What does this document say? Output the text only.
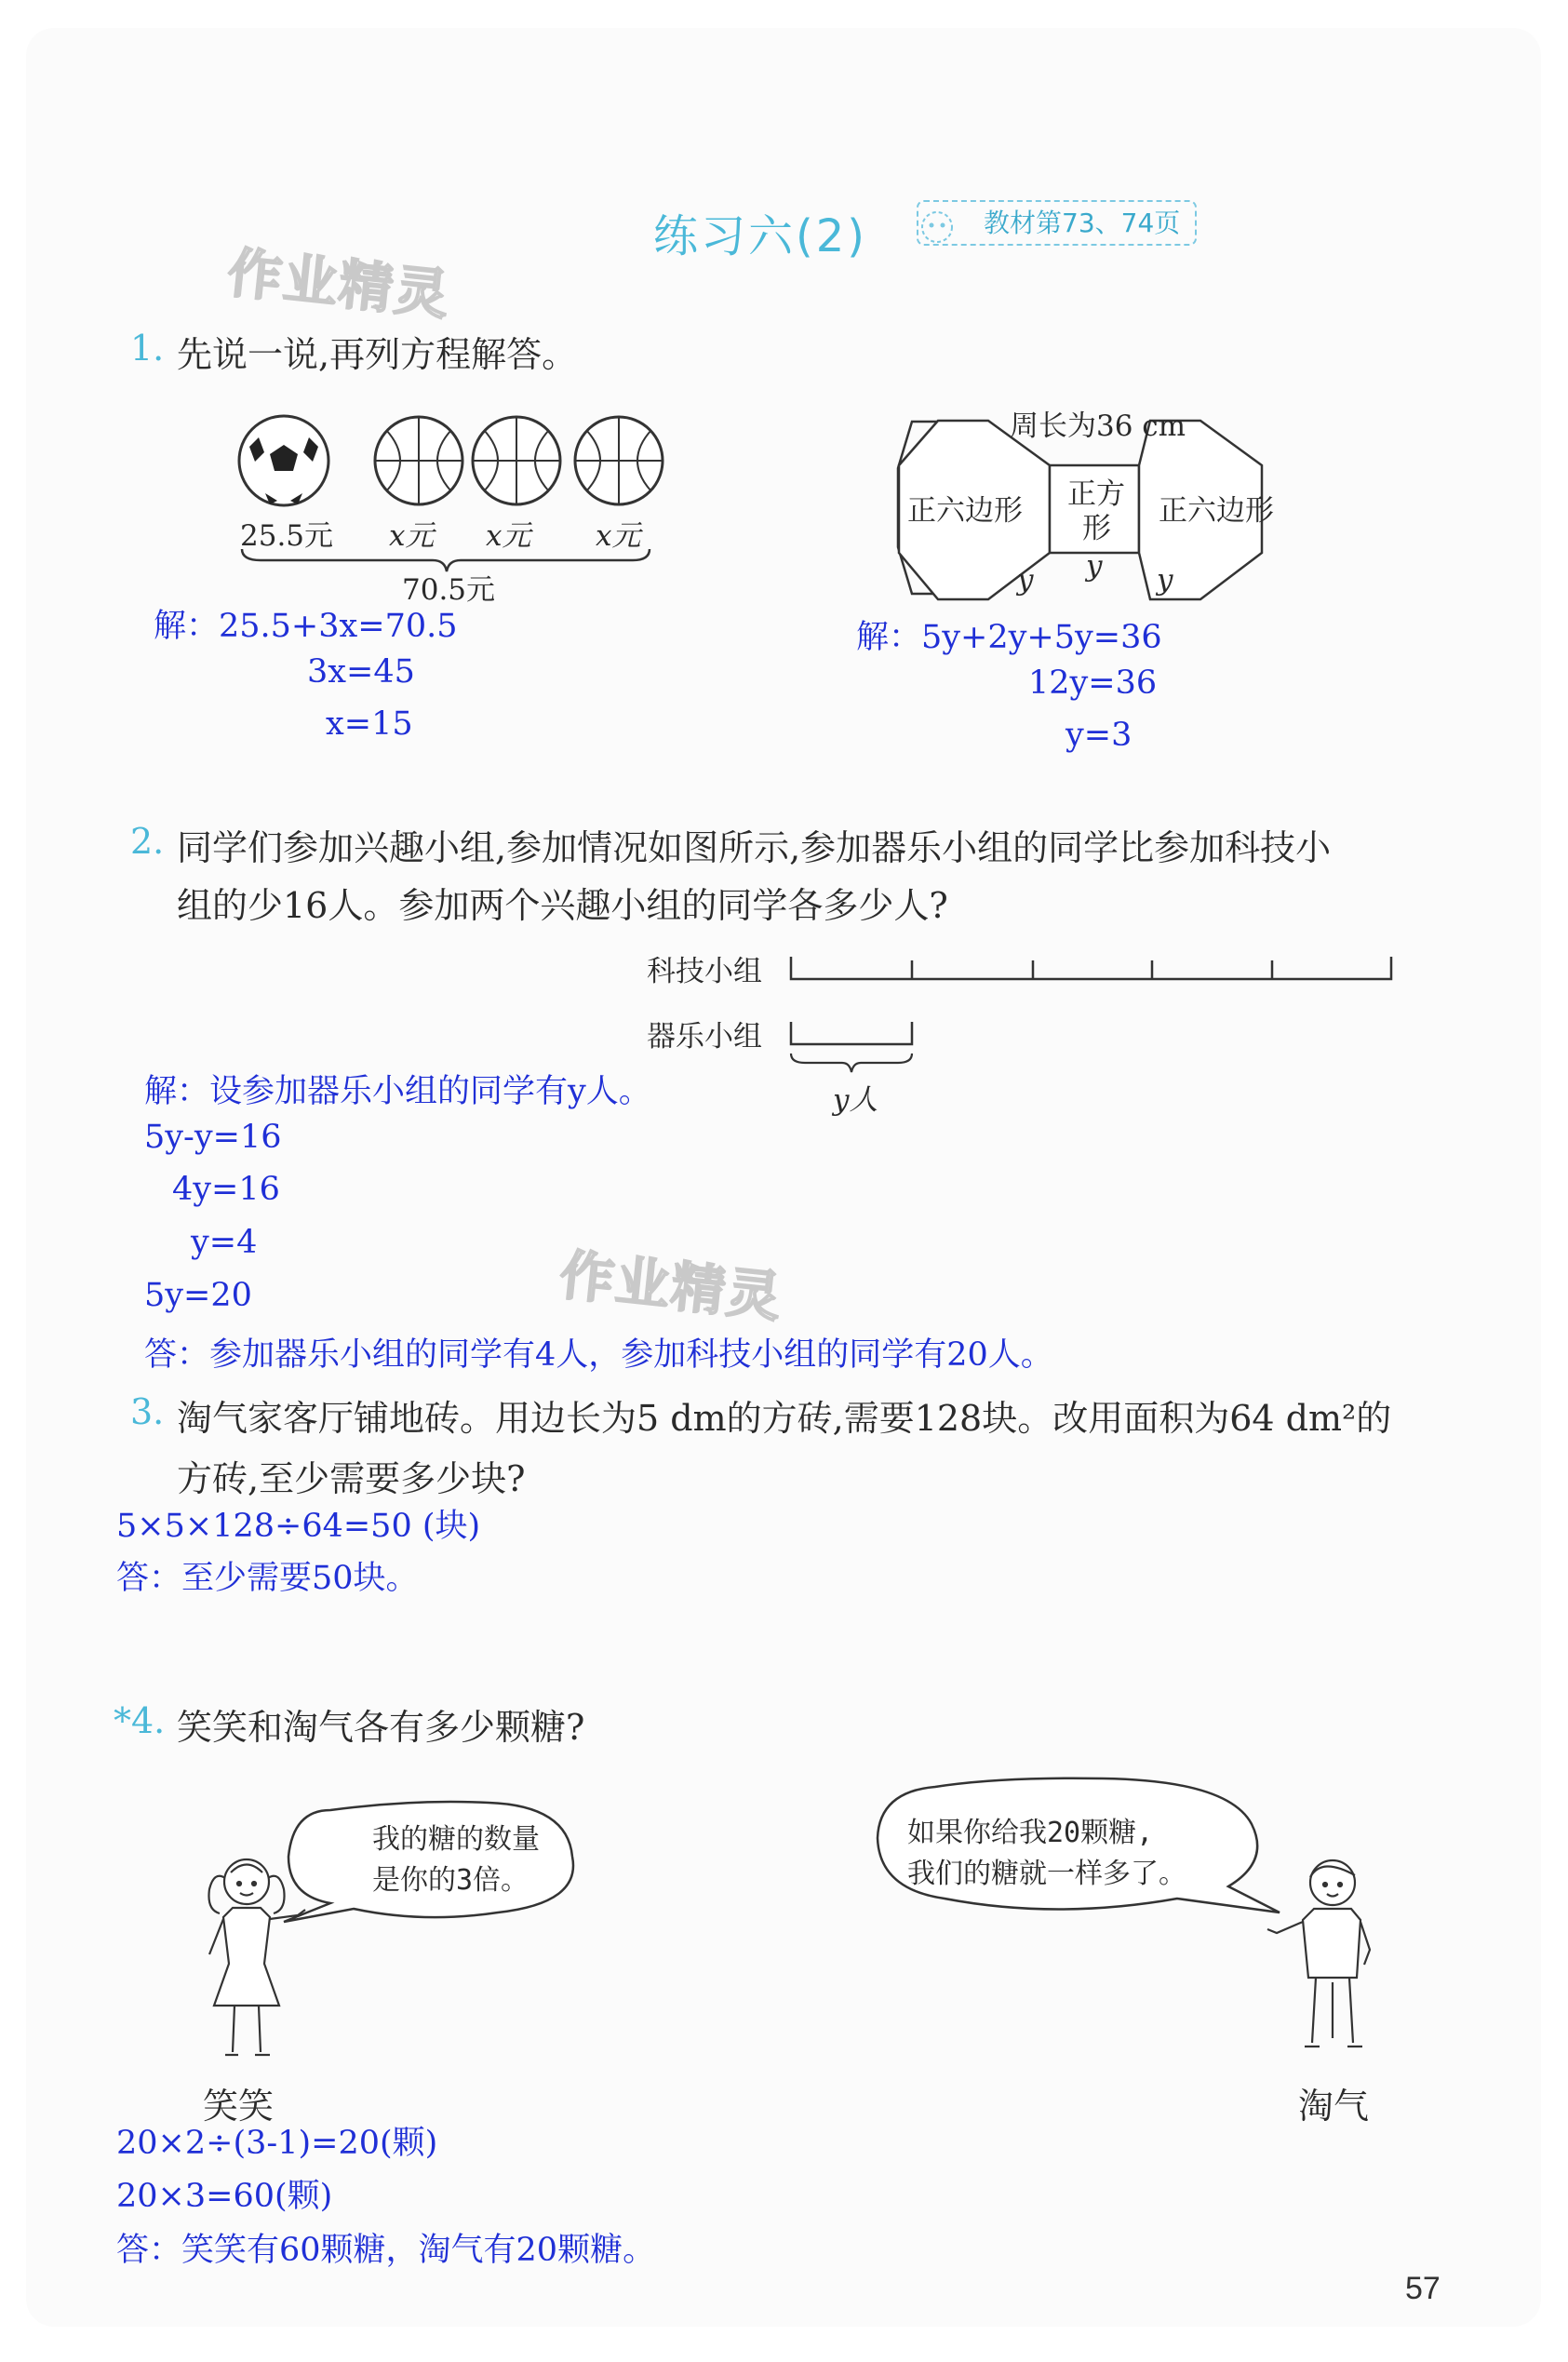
练习六(2)	教材第73、74页
作业精灵
1. 先说一说,再列方程解答。
25.5元 x元 x元 x元
70.5元
周长为36 cm
正六边形 正方
形
正六边形
y y y
解：25.5+3x=70.5
3x=45
x=15
解：5y+2y+5y=36
12y=36
y=3
2. 同学们参加兴趣小组,参加情况如图所示,参加器乐小组的同学比参加科技小
组的少16人。参加两个兴趣小组的同学各多少人?
科技小组
器乐小组
y人
解：设参加器乐小组的同学有y人。
5y-y=16
4y=16
y=4
5y=20	作业精灵
答：参加器乐小组的同学有4人，参加科技小组的同学有20人。
3. 淘气家客厅铺地砖。用边长为5 dm的方砖,需要128块。改用面积为64 dm²的
方砖,至少需要多少块?
5×5×128÷64=50 (块)
答：至少需要50块。
*4. 笑笑和淘气各有多少颗糖?
我的糖的数量
是你的3倍。
如果你给我20颗糖,
我们的糖就一样多了。
笑笑	淘气
20×2÷(3-1)=20(颗)
20×3=60(颗)
答：笑笑有60颗糖，淘气有20颗糖。
57
